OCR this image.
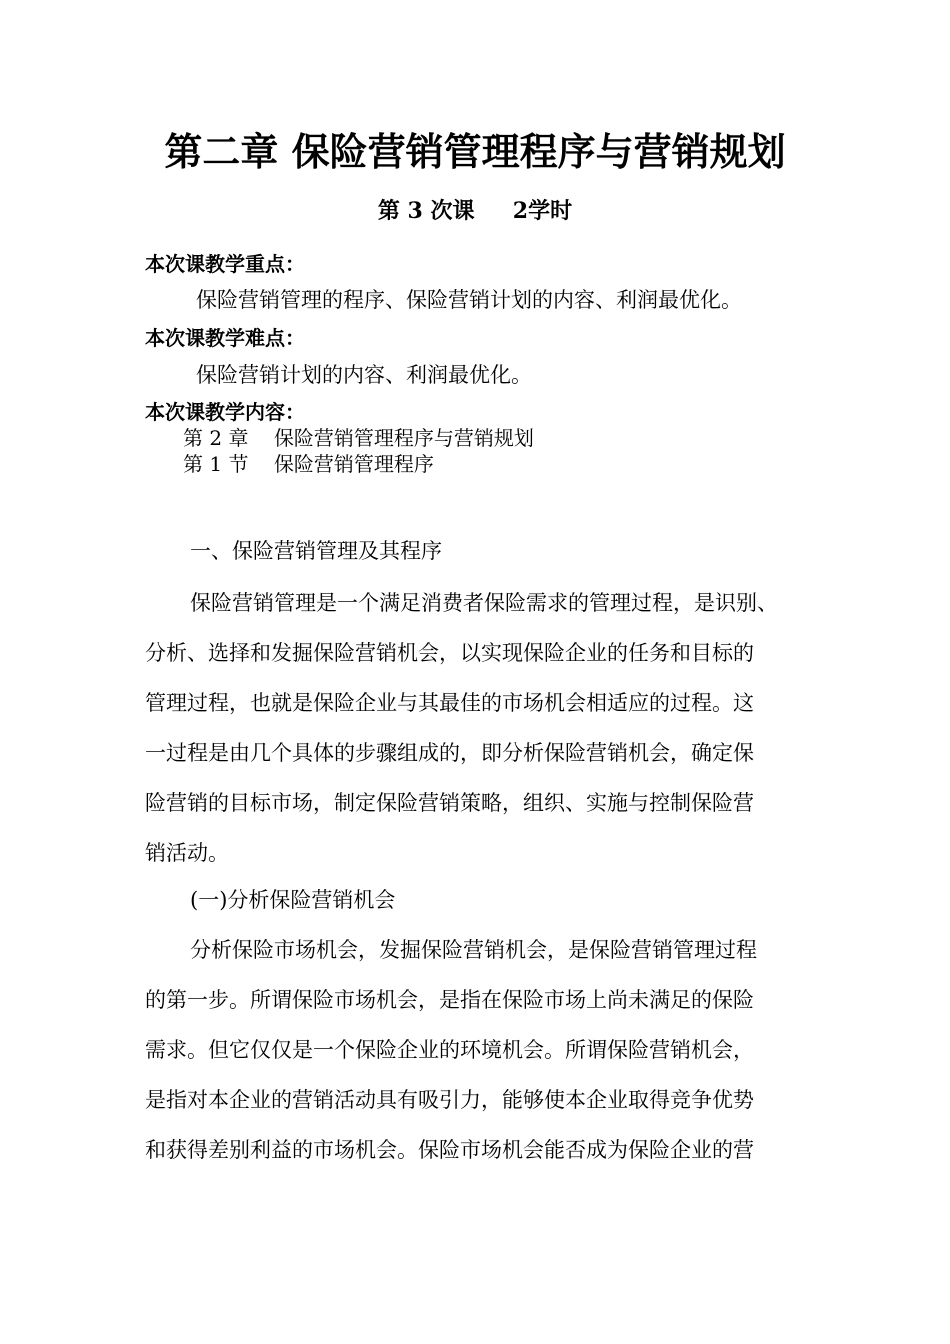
第二章 保险营销管理程序与营销规划
第 3 次课     2学时
本次课教学重点：
保险营销管理的程序、保险营销计划的内容、利润最优化。
本次课教学难点：
保险营销计划的内容、利润最优化。
本次课教学内容：
第 2 章    保险营销管理程序与营销规划
第 1 节    保险营销管理程序
一、保险营销管理及其程序
保险营销管理是一个满足消费者保险需求的管理过程，是识别、
分析、选择和发掘保险营销机会，以实现保险企业的任务和目标的
管理过程，也就是保险企业与其最佳的市场机会相适应的过程。这
一过程是由几个具体的步骤组成的，即分析保险营销机会，确定保
险营销的目标市场，制定保险营销策略，组织、实施与控制保险营
销活动。
(一)分析保险营销机会
分析保险市场机会，发掘保险营销机会，是保险营销管理过程
的第一步。所谓保险市场机会，是指在保险市场上尚未满足的保险
需求。但它仅仅是一个保险企业的环境机会。所谓保险营销机会，
是指对本企业的营销活动具有吸引力，能够使本企业取得竞争优势
和获得差别利益的市场机会。保险市场机会能否成为保险企业的营
